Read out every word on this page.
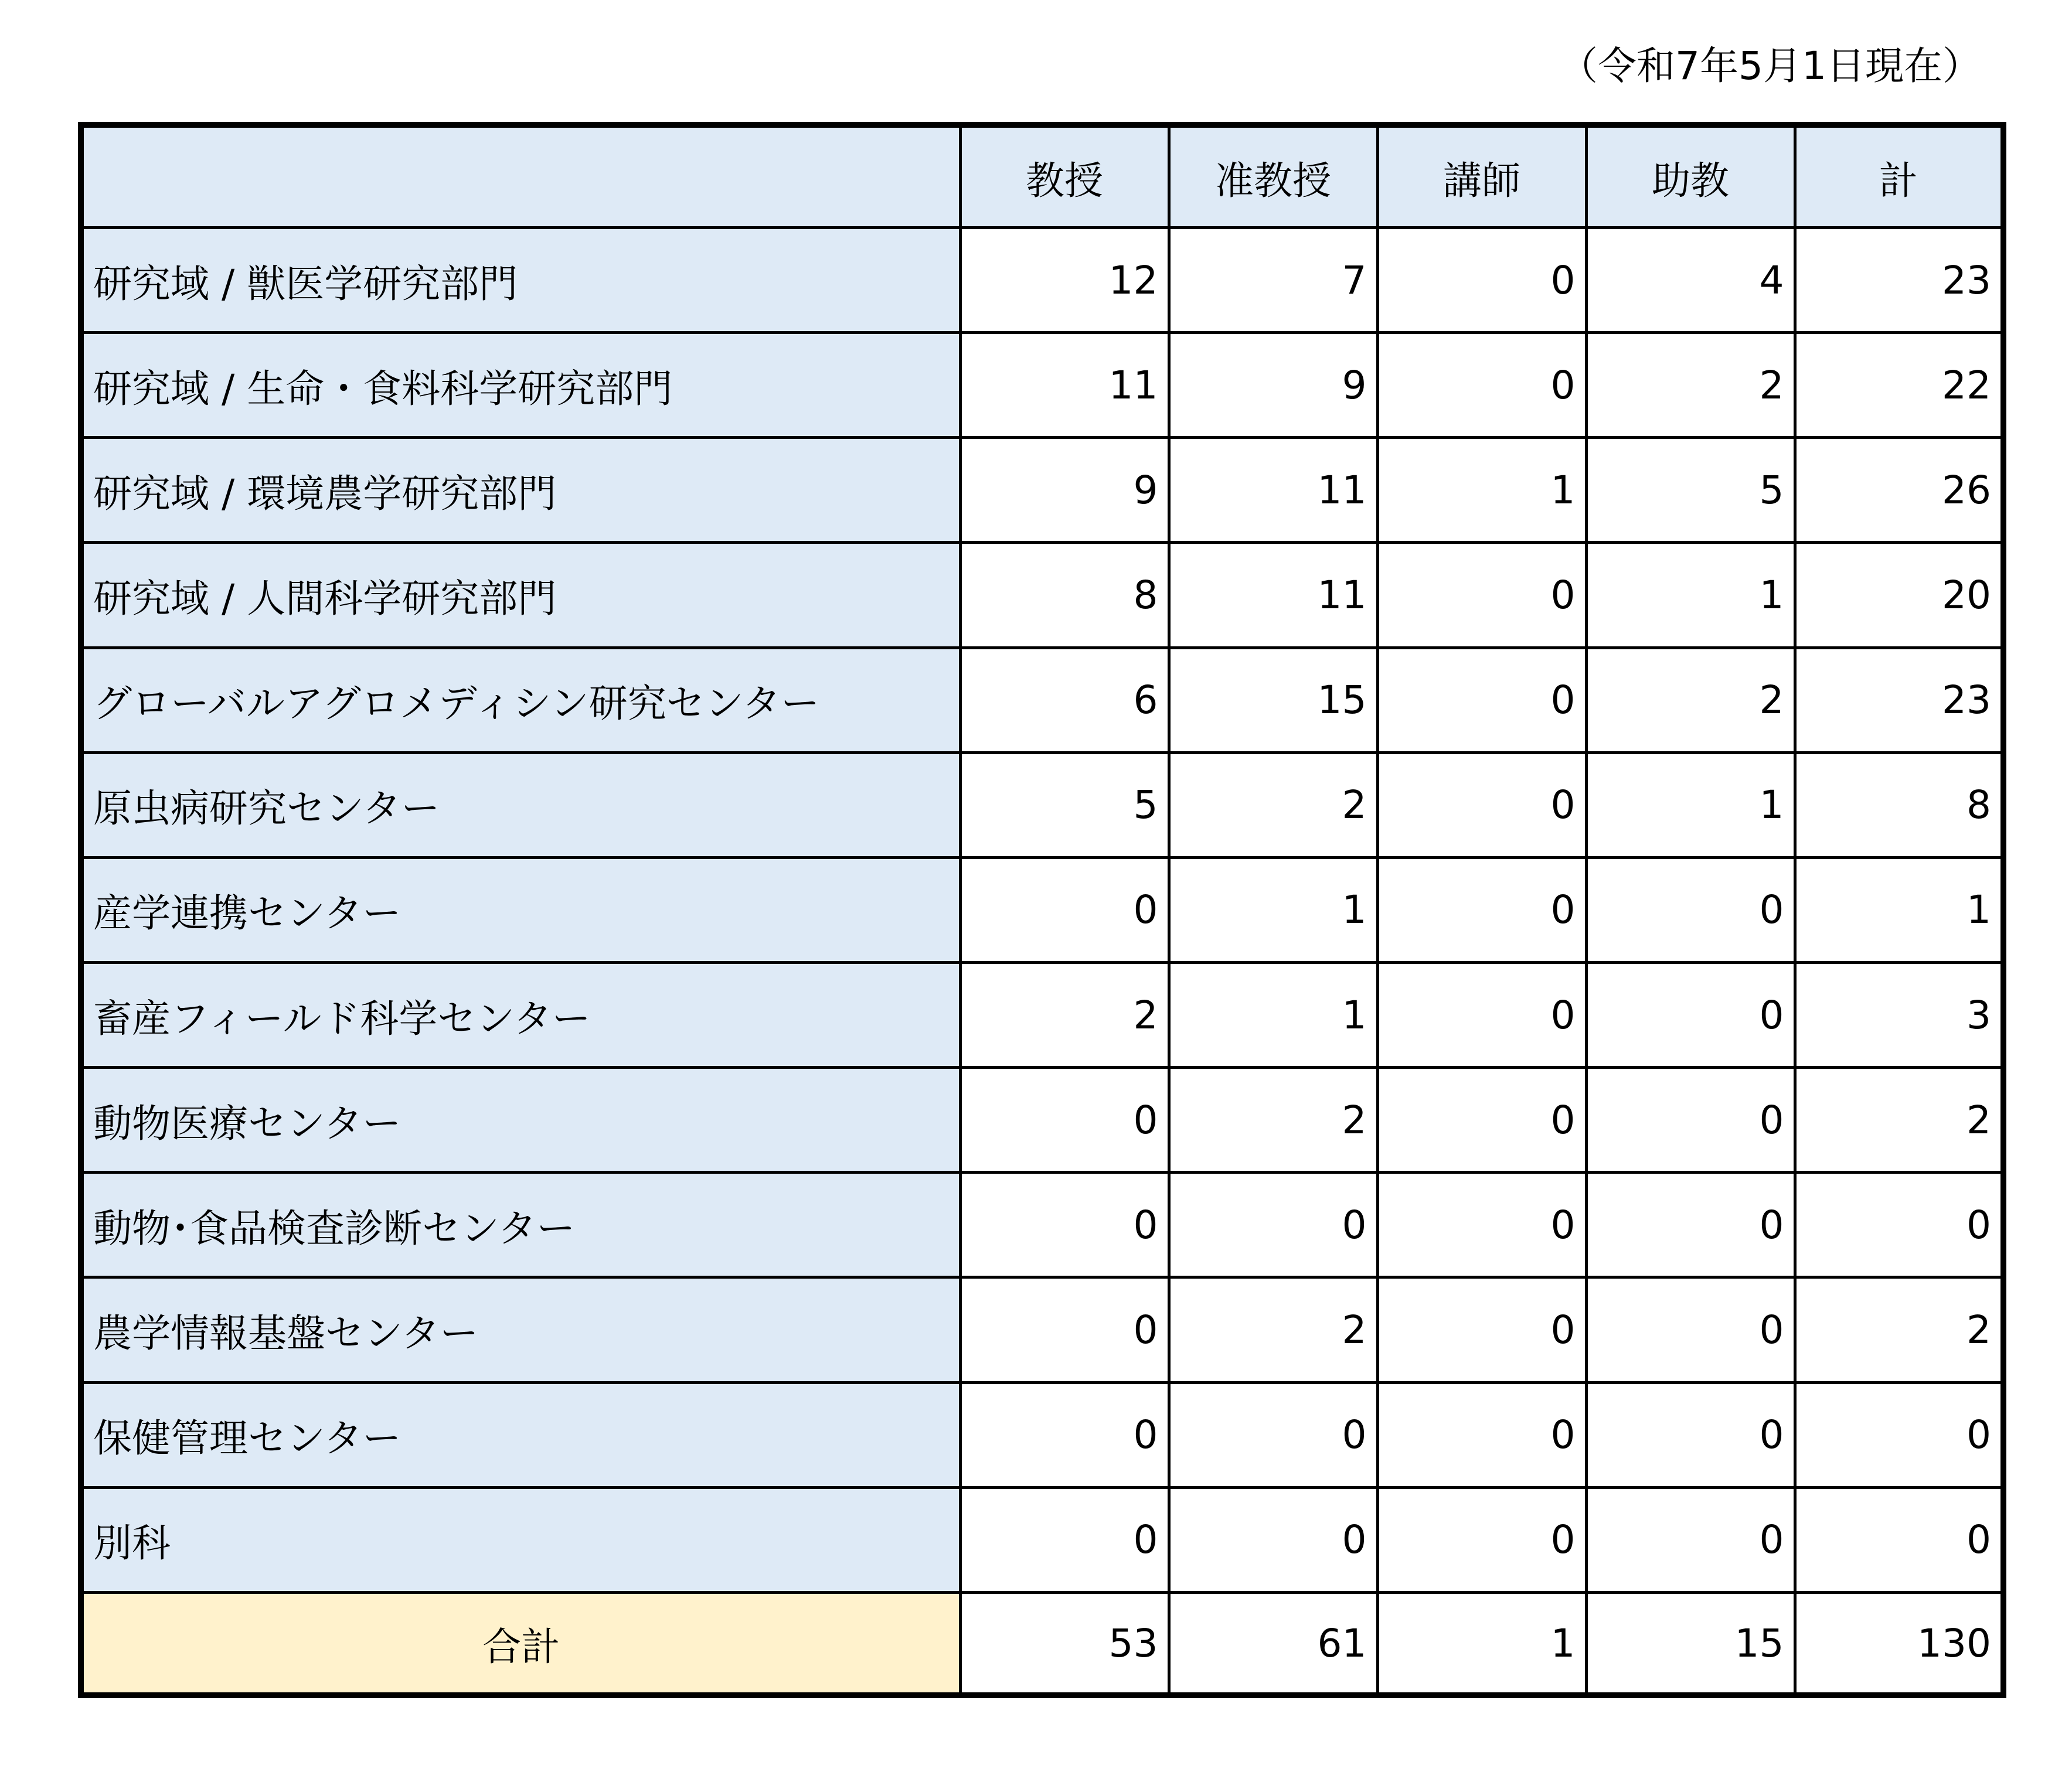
（令和7年5月1日現在）
	教授	准教授	講師	助教	計
研究域 / 獣医学研究部門	12	7	0	4	23
研究域 / 生命・食料科学研究部門	11	9	0	2	22
研究域 / 環境農学研究部門	9	11	1	5	26
研究域 / 人間科学研究部門	8	11	0	1	20
グローバルアグロメディシン研究センター	6	15	0	2	23
原虫病研究センター	5	2	0	1	8
産学連携センター	0	1	0	0	1
畜産フィールド科学センター	2	1	0	0	3
動物医療センター	0	2	0	0	2
動物･食品検査診断センター	0	0	0	0	0
農学情報基盤センター	0	2	0	0	2
保健管理センター	0	0	0	0	0
別科	0	0	0	0	0
合計	53	61	1	15	130
